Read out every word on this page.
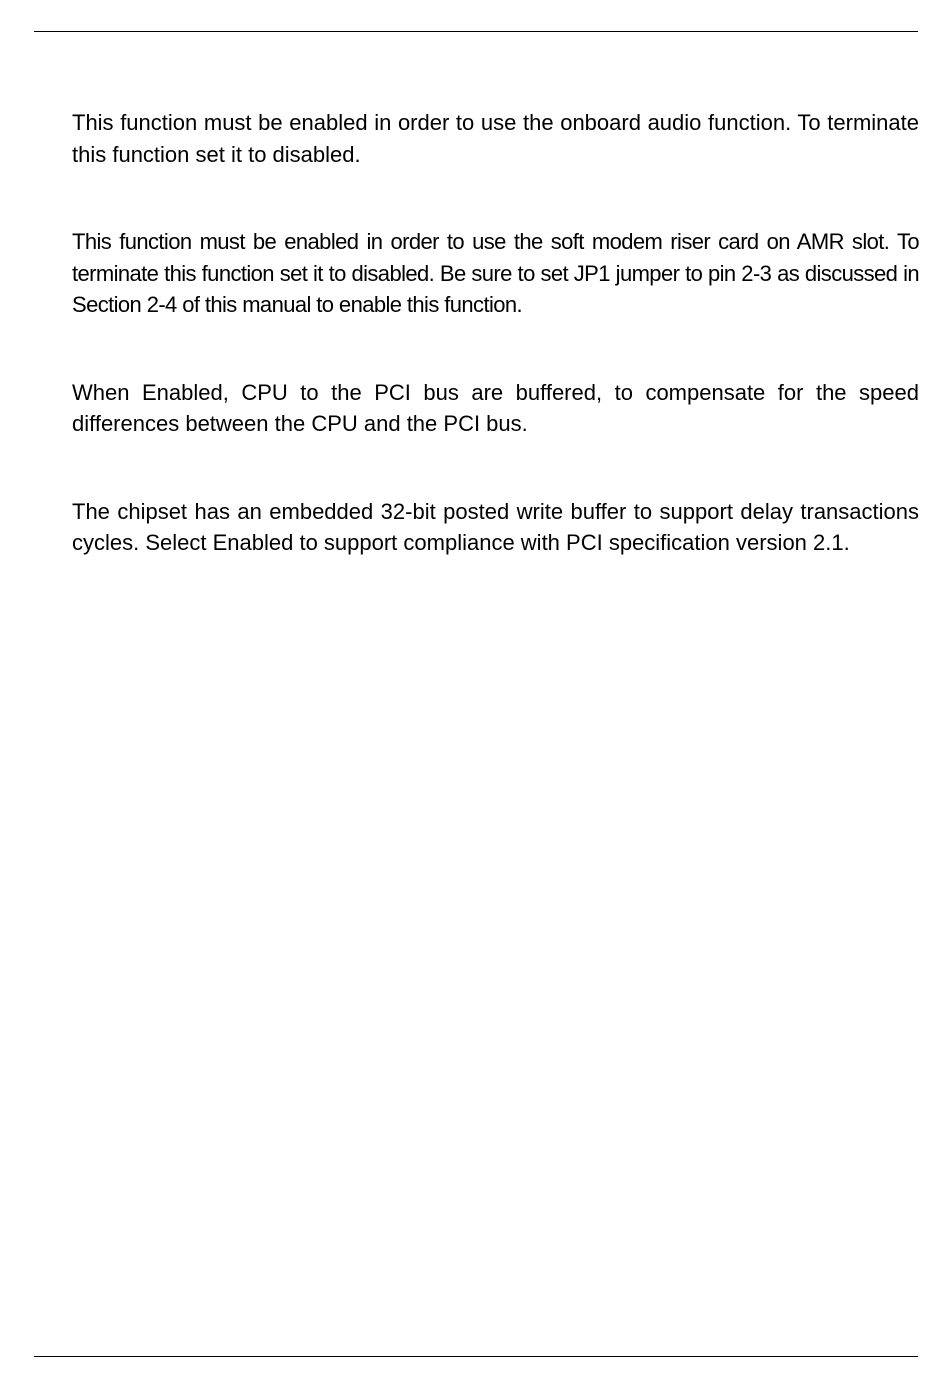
This function must be enabled in order to use the onboard audio function. To terminate this function set it to disabled.

This function must be enabled in order to use the soft modem riser card on AMR slot. To terminate this function set it to disabled. Be sure to set JP1 jumper to pin 2-3 as discussed in Section 2-4 of this manual to enable this function.

When Enabled, CPU to the PCI bus are buffered, to compensate for the speed differences between the CPU and the PCI bus.

The chipset has an embedded 32-bit posted write buffer to support delay transactions cycles. Select Enabled to support compliance with PCI specification version 2.1.
